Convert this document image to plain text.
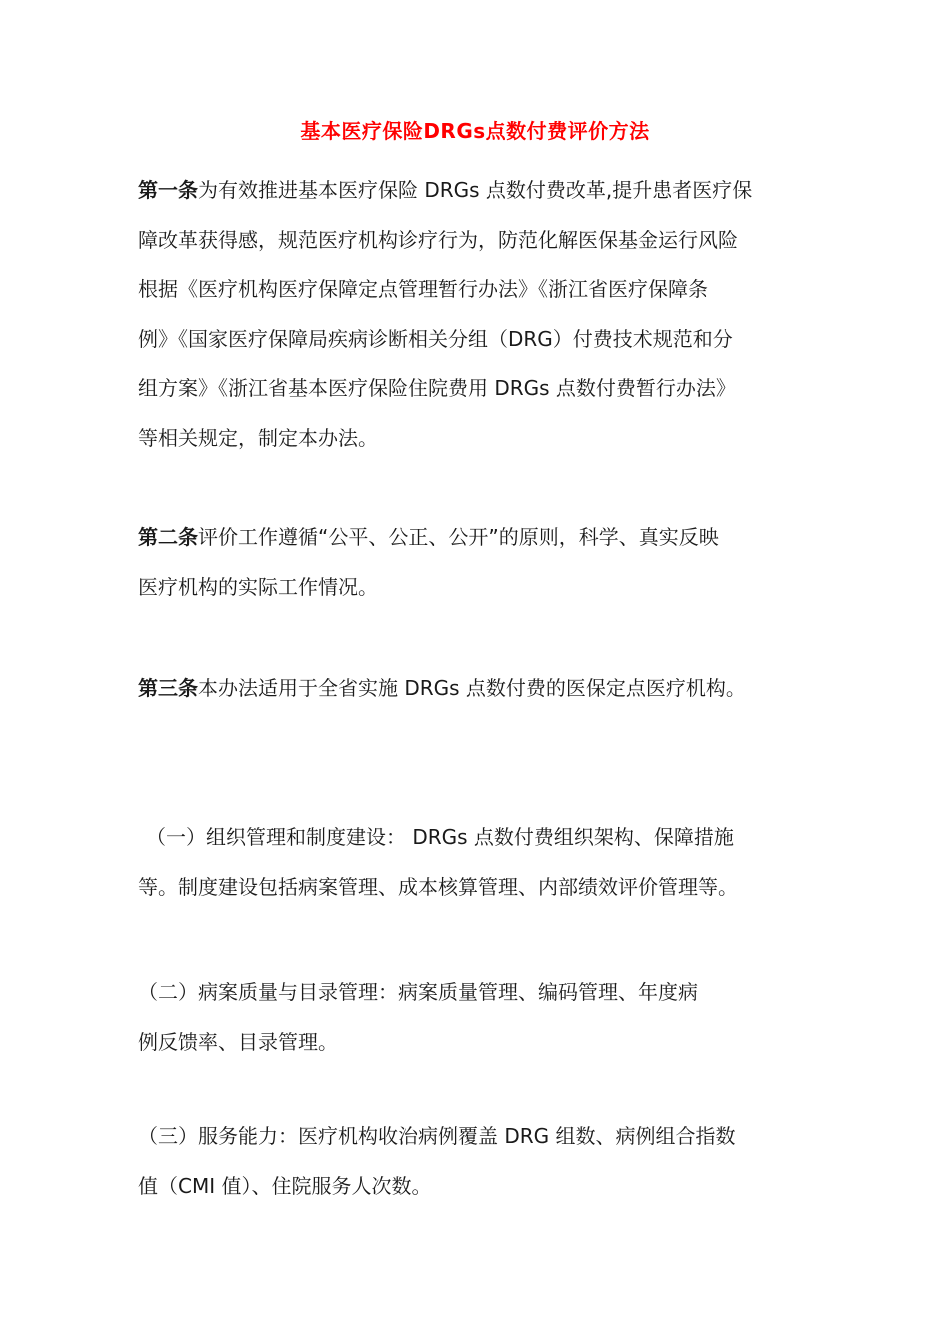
基本医疗保险DRGs点数付费评价方法

第一条为有效推进基本医疗保险 DRGs 点数付费改革,提升患者医疗保
障改革获得感，规范医疗机构诊疗行为，防范化解医保基金运行风险
根据《医疗机构医疗保障定点管理暂行办法》《浙江省医疗保障条
例》《国家医疗保障局疾病诊断相关分组（DRG）付费技术规范和分
组方案》《浙江省基本医疗保险住院费用 DRGs 点数付费暂行办法》
等相关规定，制定本办法。

第二条评价工作遵循“公平、公正、公开”的原则，科学、真实反映
医疗机构的实际工作情况。

第三条本办法适用于全省实施 DRGs 点数付费的医保定点医疗机构。

（一）组织管理和制度建设： DRGs 点数付费组织架构、保障措施
等。制度建设包括病案管理、成本核算管理、内部绩效评价管理等。

（二）病案质量与目录管理：病案质量管理、编码管理、年度病
例反馈率、目录管理。

（三）服务能力：医疗机构收治病例覆盖 DRG 组数、病例组合指数
值（CMI 值）、住院服务人次数。
